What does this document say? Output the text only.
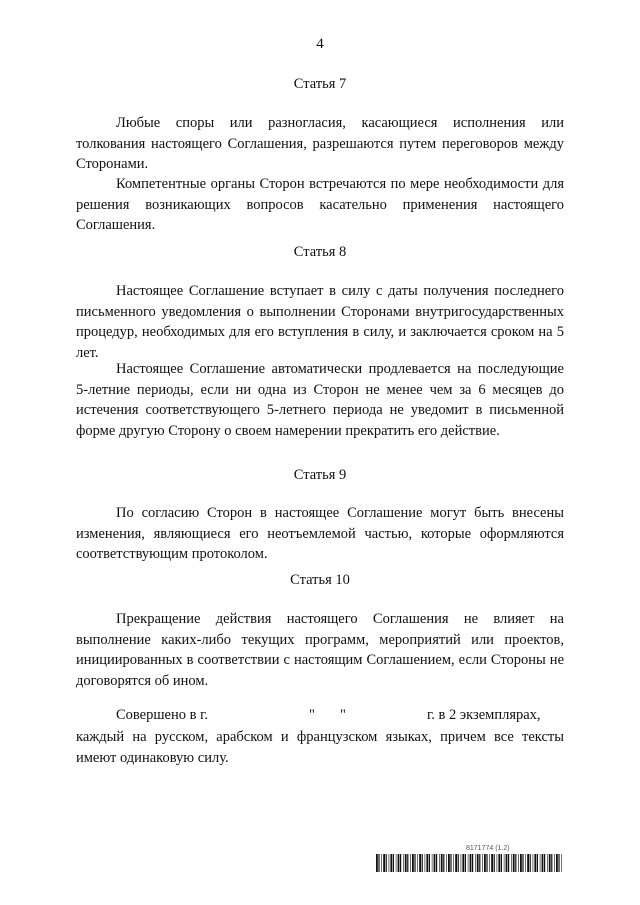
4
Статья 7
Любые споры или разногласия, касающиеся исполнения или толкования настоящего Соглашения, разрешаются путем переговоров между Сторонами.
Компетентные органы Сторон встречаются по мере необходимости для решения возникающих вопросов касательно применения настоящего Соглашения.
Статья 8
Настоящее Соглашение вступает в силу с даты получения последнего письменного уведомления о выполнении Сторонами внутригосударственных процедур, необходимых для его вступления в силу, и заключается сроком на 5 лет.
Настоящее Соглашение автоматически продлевается на последующие 5-летние периоды, если ни одна из Сторон не менее чем за 6 месяцев до истечения соответствующего 5-летнего периода не уведомит в письменной форме другую Сторону о своем намерении прекратить его действие.
Статья 9
По согласию Сторон в настоящее Соглашение могут быть внесены изменения, являющиеся его неотъемлемой частью, которые оформляются соответствующим протоколом.
Статья 10
Прекращение действия настоящего Соглашения не влияет на выполнение каких-либо текущих программ, мероприятий или проектов, инициированных в соответствии с настоящим Соглашением, если Стороны не договорятся об ином.
Совершено в г.	" "	г. в 2 экземплярах,
каждый на русском, арабском и французском языках, причем все тексты имеют одинаковую силу.
8171774 (1.2)
